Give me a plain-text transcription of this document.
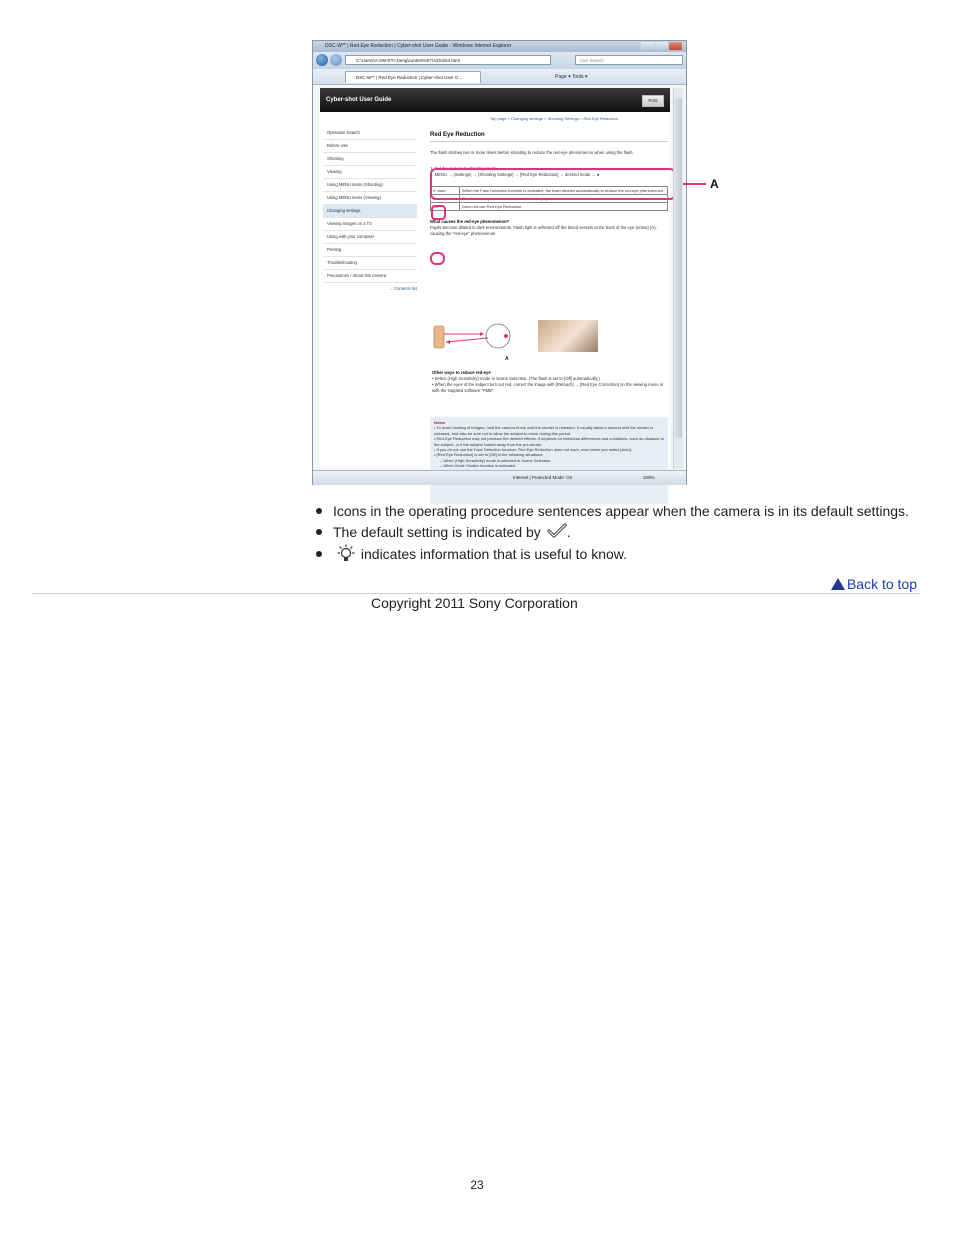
DSC-W** | Red Eye Reduction | Cyber-shot User Guide - Windows Internet Explorer
C:\Users\A-2W-RTI-1\eng\contents\07\AZ04\64.html	Live Search
DSC-W** | Red Eye Reduction | Cyber-shot User G...	Page ▾ Tools ▾
Cyber-shot User Guide	Print
Top page > Changing settings > Shooting Settings > Red Eye Reduction
Operation Search
Before Use
Shooting
Viewing
Using MENU items (Shooting)
Using MENU items (Viewing)
Changing settings
Viewing images on a TV
Using with your computer
Printing
Troubleshooting
Precautions / About this camera
→ Contents list
Red Eye Reduction
The flash strobes two or more times before shooting to reduce the red-eye phenomenon when using the flash.
1. Set the camera to shooting mode.
2. MENU → (Settings) → (Shooting Settings) → [Red Eye Reduction] → desired mode → ●
✔ Auto	When the Face Detection function is activated, the flash strobes automatically to reduce the red-eye phenomenon.
On	The flash always strobes to reduce the red-eye phenomenon.
Off	Does not use Red Eye Reduction.
What causes the red-eye phenomenon?
Pupils become dilated in dark environments. Flash light is reflected off the blood vessels at the back of the eye (retina) (A), causing the "red-eye" phenomenon.
A
Other ways to reduce red-eye
• Select (High Sensitivity) mode in Scene Selection. (The flash is set to [Off] automatically.)
• When the eyes of the subject turn out red, correct the image with [Retouch] → [Red Eye Correction] on the viewing menu or with the supplied software "PMB".
Notes
• To avoid blurring of images, hold the camera firmly until the shutter is released. It usually takes a second until the shutter is released, and also be sure not to allow the subject to move during this period.
• Red Eye Reduction may not produce the desired effects. It depends on individual differences and conditions, such as distance to the subject, or if the subject looked away from the pre-strobe.
• If you do not use the Face Detection function, Red Eye Reduction does not work, even when you select [Auto].
• [Red Eye Reduction] is set to [Off] in the following situations:
– When (High Sensitivity) mode is selected in Scene Selection.
– When Smile Shutter function is activated.
A
Internet | Protected Mode: On	100%
Icons in the operating procedure sentences appear when the camera is in its default settings.
The default setting is indicated by .
indicates information that is useful to know.
Back to top
Copyright 2011 Sony Corporation
23
